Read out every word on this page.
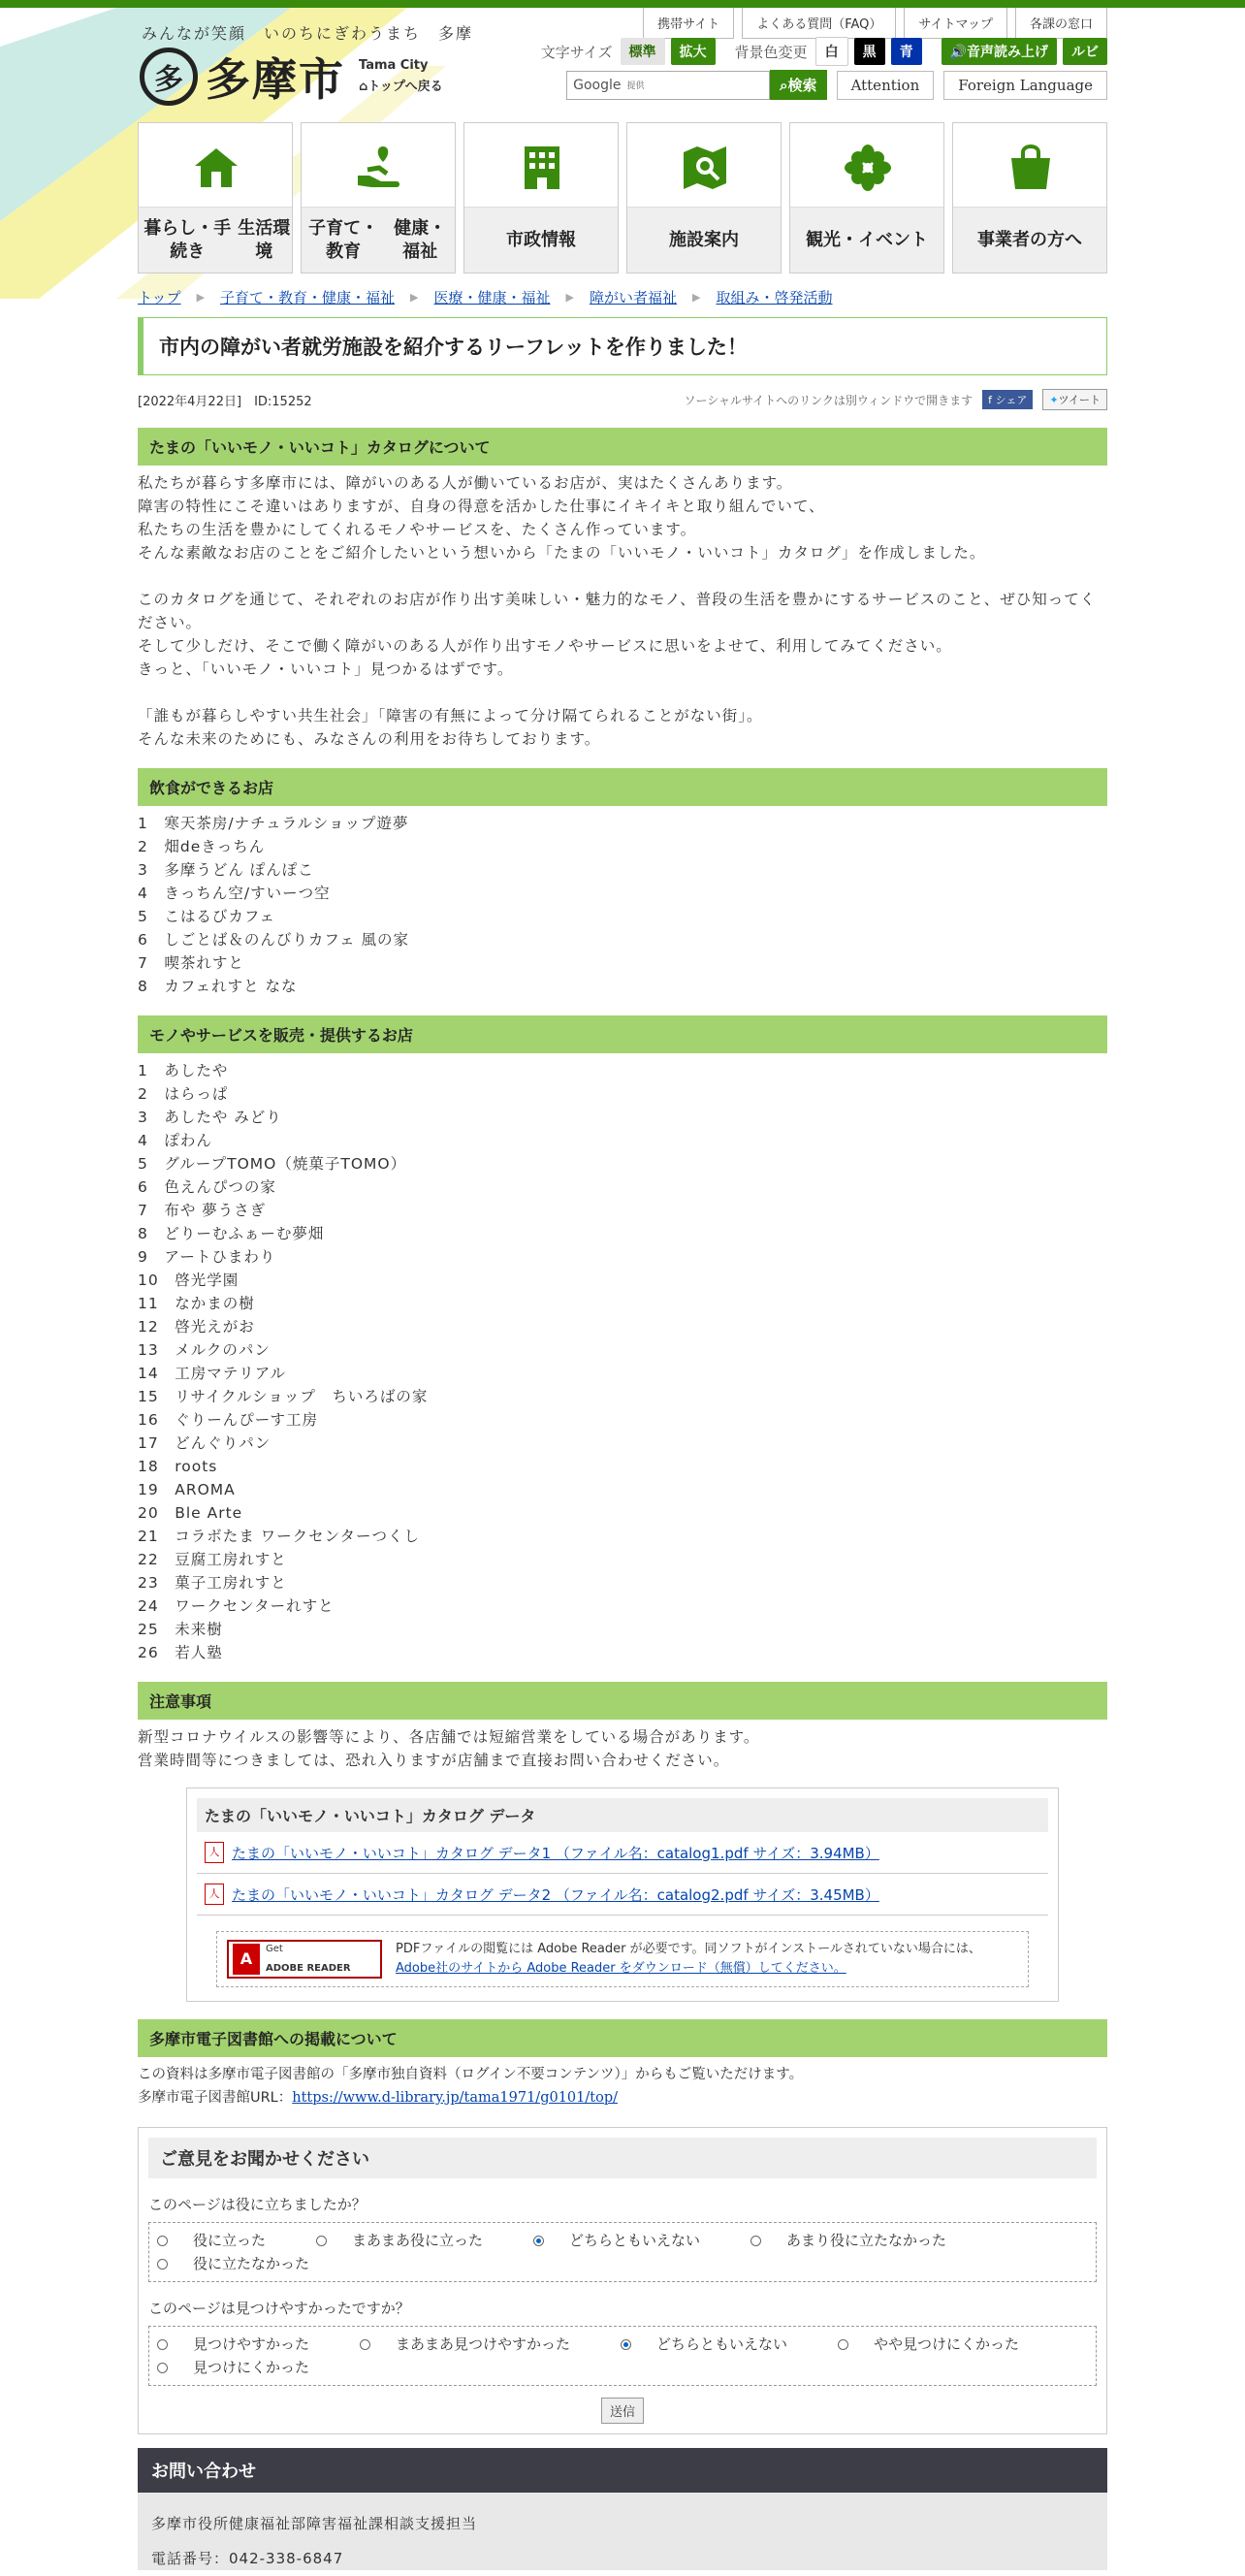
みんなが笑顔　いのちにぎわうまち　多摩
多 多摩市 Tama City
⌂トップへ戻る
携帯サイト	よくある質問（FAQ）	サイトマップ	各課の窓口
文字サイズ	標準	拡大	背景色変更	白	黒	青	🔊音声読み上げ	ルビ
Google 提供	⌕検索	Attention	Foreign Language
暮らし・手続き

生活環境
子育て・教育

健康・福祉
市政情報	施設案内	観光・イベント	事業者の方へ
トップ ▶ 子育て・教育・健康・福祉 ▶ 医療・健康・福祉 ▶ 障がい者福祉 ▶ 取組み・啓発活動
市内の障がい者就労施設を紹介するリーフレットを作りました！
[2022年4月22日]　 ID:15252	ソーシャルサイトへのリンクは別ウィンドウで開きます	f シェア	✦ツイート
たまの「いいモノ・いいコト」カタログについて
私たちが暮らす多摩市には、障がいのある人が働いているお店が、実はたくさんあります。
障害の特性にこそ違いはありますが、自身の得意を活かした仕事にイキイキと取り組んでいて、
私たちの生活を豊かにしてくれるモノやサービスを、たくさん作っています。
そんな素敵なお店のことをご紹介したいという想いから「たまの「いいモノ・いいコト」カタログ」を作成しました。
このカタログを通じて、それぞれのお店が作り出す美味しい・魅力的なモノ、普段の生活を豊かにするサービスのこと、ぜひ知ってください。
そして少しだけ、そこで働く障がいのある人が作り出すモノやサービスに思いをよせて、利用してみてください。
きっと、「いいモノ・いいコト」見つかるはずです。
「誰もが暮らしやすい共生社会」「障害の有無によって分け隔てられることがない街」。
そんな未来のためにも、みなさんの利用をお待ちしております。
飲食ができるお店
1　寒天茶房/ナチュラルショップ遊夢
2　畑deきっちん
3　多摩うどん ぽんぽこ
4　きっちん空/すいーつ空
5　こはるびカフェ
6　しごとば＆のんびりカフェ 風の家
7　喫茶れすと
8　カフェれすと なな
モノやサービスを販売・提供するお店
1　あしたや
2　はらっぱ
3　あしたや みどり
4　ぽわん
5　グループTOMO（焼菓子TOMO）
6　色えんぴつの家
7　布や 夢うさぎ
8　どりーむふぁーむ夢畑
9　アートひまわり
10　啓光学園
11　なかまの樹
12　啓光えがお
13　メルクのパン
14　工房マテリアル
15　リサイクルショップ　ちいろばの家
16　ぐりーんぴーす工房
17　どんぐりパン
18　roots
19　AROMA
20　Ble Arte
21　コラボたま ワークセンターつくし
22　豆腐工房れすと
23　菓子工房れすと
24　ワークセンターれすと
25　未来樹
26　若人塾
注意事項
新型コロナウイルスの影響等により、各店舗では短縮営業をしている場合があります。
営業時間等につきましては、恐れ入りますが店舗まで直接お問い合わせください。
たまの「いいモノ・いいコト」カタログ データ
人 たまの「いいモノ・いいコト」カタログ データ1 （ファイル名：catalog1.pdf サイズ：3.94MB）
人 たまの「いいモノ・いいコト」カタログ データ2 （ファイル名：catalog2.pdf サイズ：3.45MB）
A
Get
ADOBE READER
PDFファイルの閲覧には Adobe Reader が必要です。同ソフトがインストールされていない場合には、Adobe社のサイトから Adobe Reader をダウンロード（無償）してください。
多摩市電子図書館への掲載について
この資料は多摩市電子図書館の「多摩市独自資料（ログイン不要コンテンツ）」からもご覧いただけます。
多摩市電子図書館URL：https://www.d-library.jp/tama1971/g0101/top/
ご意見をお聞かせください
このページは役に立ちましたか？
役に立った	まあまあ役に立った	どちらともいえない	あまり役に立たなかった役に立たなかった
このページは見つけやすかったですか？
見つけやすかった	まあまあ見つけやすかった	どちらともいえない	やや見つけにくかった見つけにくかった
送信
お問い合わせ
多摩市役所健康福祉部障害福祉課相談支援担当
電話番号：042-338-6847
